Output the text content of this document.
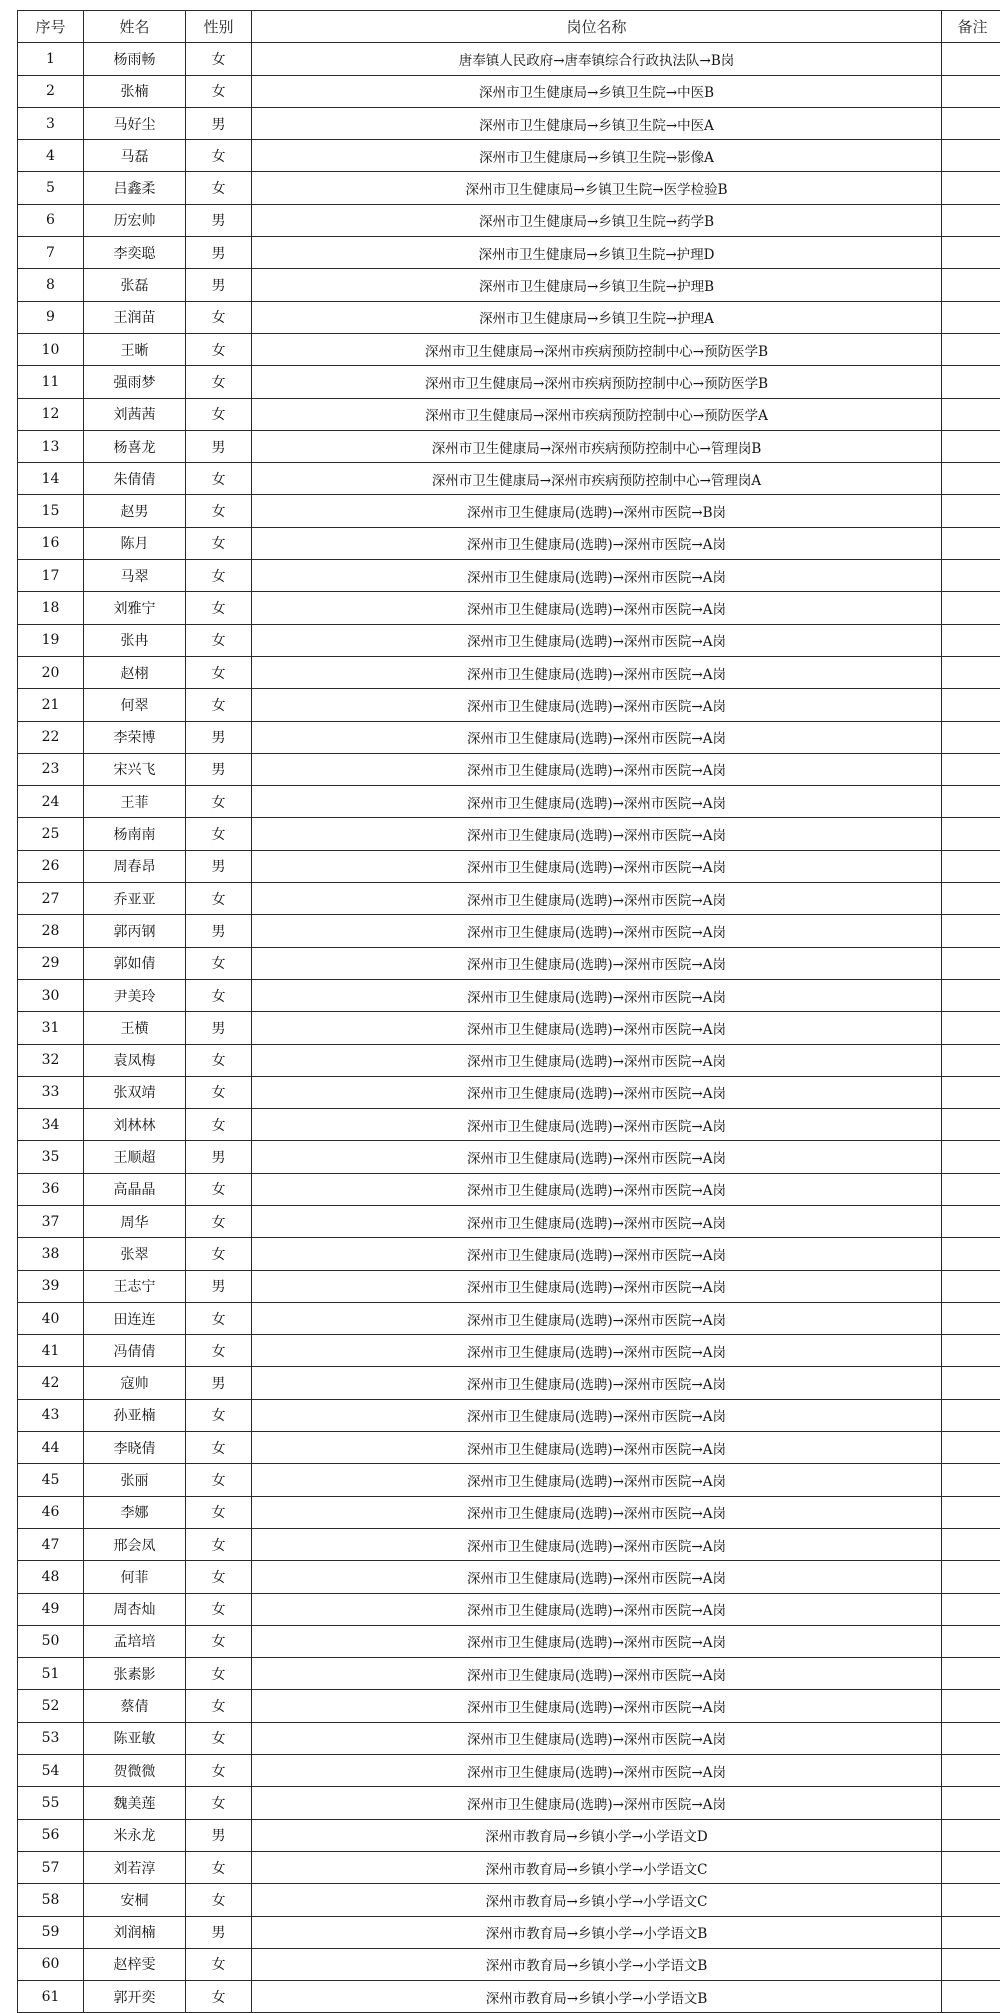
序号	姓名	性别	岗位名称	备注
1	杨雨畅	女	唐奉镇人民政府→唐奉镇综合行政执法队→B岗	
2	张楠	女	深州市卫生健康局→乡镇卫生院→中医B	
3	马好尘	男	深州市卫生健康局→乡镇卫生院→中医A	
4	马磊	女	深州市卫生健康局→乡镇卫生院→影像A	
5	吕鑫柔	女	深州市卫生健康局→乡镇卫生院→医学检验B	
6	历宏帅	男	深州市卫生健康局→乡镇卫生院→药学B	
7	李奕聪	男	深州市卫生健康局→乡镇卫生院→护理D	
8	张磊	男	深州市卫生健康局→乡镇卫生院→护理B	
9	王润苗	女	深州市卫生健康局→乡镇卫生院→护理A	
10	王晰	女	深州市卫生健康局→深州市疾病预防控制中心→预防医学B	
11	强雨梦	女	深州市卫生健康局→深州市疾病预防控制中心→预防医学B	
12	刘茜茜	女	深州市卫生健康局→深州市疾病预防控制中心→预防医学A	
13	杨喜龙	男	深州市卫生健康局→深州市疾病预防控制中心→管理岗B	
14	朱倩倩	女	深州市卫生健康局→深州市疾病预防控制中心→管理岗A	
15	赵男	女	深州市卫生健康局(选聘)→深州市医院→B岗	
16	陈月	女	深州市卫生健康局(选聘)→深州市医院→A岗	
17	马翠	女	深州市卫生健康局(选聘)→深州市医院→A岗	
18	刘雅宁	女	深州市卫生健康局(选聘)→深州市医院→A岗	
19	张冉	女	深州市卫生健康局(选聘)→深州市医院→A岗	
20	赵栩	女	深州市卫生健康局(选聘)→深州市医院→A岗	
21	何翠	女	深州市卫生健康局(选聘)→深州市医院→A岗	
22	李荣博	男	深州市卫生健康局(选聘)→深州市医院→A岗	
23	宋兴飞	男	深州市卫生健康局(选聘)→深州市医院→A岗	
24	王菲	女	深州市卫生健康局(选聘)→深州市医院→A岗	
25	杨南南	女	深州市卫生健康局(选聘)→深州市医院→A岗	
26	周春昂	男	深州市卫生健康局(选聘)→深州市医院→A岗	
27	乔亚亚	女	深州市卫生健康局(选聘)→深州市医院→A岗	
28	郭丙钢	男	深州市卫生健康局(选聘)→深州市医院→A岗	
29	郭如倩	女	深州市卫生健康局(选聘)→深州市医院→A岗	
30	尹美玲	女	深州市卫生健康局(选聘)→深州市医院→A岗	
31	王横	男	深州市卫生健康局(选聘)→深州市医院→A岗	
32	袁凤梅	女	深州市卫生健康局(选聘)→深州市医院→A岗	
33	张双靖	女	深州市卫生健康局(选聘)→深州市医院→A岗	
34	刘林林	女	深州市卫生健康局(选聘)→深州市医院→A岗	
35	王顺超	男	深州市卫生健康局(选聘)→深州市医院→A岗	
36	高晶晶	女	深州市卫生健康局(选聘)→深州市医院→A岗	
37	周华	女	深州市卫生健康局(选聘)→深州市医院→A岗	
38	张翠	女	深州市卫生健康局(选聘)→深州市医院→A岗	
39	王志宁	男	深州市卫生健康局(选聘)→深州市医院→A岗	
40	田连连	女	深州市卫生健康局(选聘)→深州市医院→A岗	
41	冯倩倩	女	深州市卫生健康局(选聘)→深州市医院→A岗	
42	寇帅	男	深州市卫生健康局(选聘)→深州市医院→A岗	
43	孙亚楠	女	深州市卫生健康局(选聘)→深州市医院→A岗	
44	李晓倩	女	深州市卫生健康局(选聘)→深州市医院→A岗	
45	张丽	女	深州市卫生健康局(选聘)→深州市医院→A岗	
46	李娜	女	深州市卫生健康局(选聘)→深州市医院→A岗	
47	邢会凤	女	深州市卫生健康局(选聘)→深州市医院→A岗	
48	何菲	女	深州市卫生健康局(选聘)→深州市医院→A岗	
49	周杏灿	女	深州市卫生健康局(选聘)→深州市医院→A岗	
50	孟培培	女	深州市卫生健康局(选聘)→深州市医院→A岗	
51	张素影	女	深州市卫生健康局(选聘)→深州市医院→A岗	
52	蔡倩	女	深州市卫生健康局(选聘)→深州市医院→A岗	
53	陈亚敏	女	深州市卫生健康局(选聘)→深州市医院→A岗	
54	贺微微	女	深州市卫生健康局(选聘)→深州市医院→A岗	
55	魏美莲	女	深州市卫生健康局(选聘)→深州市医院→A岗	
56	米永龙	男	深州市教育局→乡镇小学→小学语文D	
57	刘若淳	女	深州市教育局→乡镇小学→小学语文C	
58	安桐	女	深州市教育局→乡镇小学→小学语文C	
59	刘润楠	男	深州市教育局→乡镇小学→小学语文B	
60	赵梓雯	女	深州市教育局→乡镇小学→小学语文B	
61	郭开奕	女	深州市教育局→乡镇小学→小学语文B	
